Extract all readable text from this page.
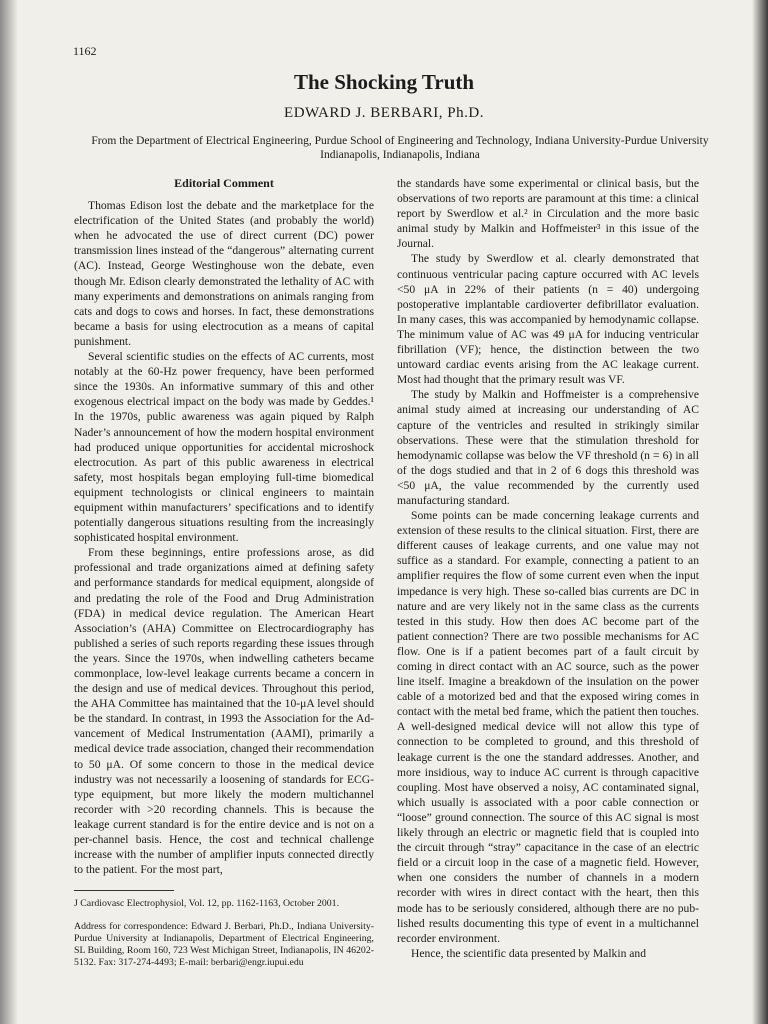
1162
The Shocking Truth
EDWARD J. BERBARI, Ph.D.
From the Department of Electrical Engineering, Purdue School of Engineering and Technology, Indiana University-Purdue University Indianapolis, Indianapolis, Indiana
Editorial Comment

Thomas Edison lost the debate and the marketplace for the electrification of the United States (and probably the world) when he advocated the use of direct current (DC) power transmission lines instead of the “dangerous” alternating current (AC). Instead, George Westinghouse won the debate, even though Mr. Edison clearly demonstrated the lethality of AC with many experiments and demonstrations on animals ranging from cats and dogs to cows and horses. In fact, these demonstrations became a basis for using electrocution as a means of capital punishment.

Several scientific studies on the effects of AC currents, most notably at the 60-Hz power frequency, have been performed since the 1930s. An informative summary of this and other exogenous electrical impact on the body was made by Geddes.¹ In the 1970s, public awareness was again piqued by Ralph Nader’s announcement of how the modern hospital environment had produced unique opportunities for accidental microshock electrocution. As part of this public awareness in electrical safety, most hospitals began employing full-time biomedical equipment technologists or clinical engineers to maintain equipment within manufacturers’ specifications and to identify potentially dangerous situations resulting from the increasingly sophisticated hospital environment.

From these beginnings, entire professions arose, as did professional and trade organizations aimed at defining safety and performance standards for medical equipment, alongside of and predating the role of the Food and Drug Administration (FDA) in medical device regulation. The American Heart Association’s (AHA) Committee on Electrocardiography has published a series of such reports regarding these issues through the years. Since the 1970s, when indwelling catheters became commonplace, low-level leakage currents became a concern in the design and use of medical devices. Throughout this period, the AHA Committee has maintained that the 10-μA level should be the standard. In contrast, in 1993 the Association for the Advancement of Medical Instrumentation (AAMI), primarily a medical device trade association, changed their recommendation to 50 μA. Of some concern to those in the medical device industry was not necessarily a loosening of standards for ECG-type equipment, but more likely the modern multichannel recorder with >20 recording channels. This is because the leakage current standard is for the entire device and is not on a per-channel basis. Hence, the cost and technical challenge increase with the number of amplifier inputs connected directly to the patient. For the most part,

the standards have some experimental or clinical basis, but the observations of two reports are paramount at this time: a clinical report by Swerdlow et al.² in Circulation and the more basic animal study by Malkin and Hoffmeister³ in this issue of the Journal.

The study by Swerdlow et al. clearly demonstrated that continuous ventricular pacing capture occurred with AC levels <50 μA in 22% of their patients (n = 40) undergoing postoperative implantable cardioverter defibrillator evaluation. In many cases, this was accompanied by hemodynamic collapse. The minimum value of AC was 49 μA for inducing ventricular fibrillation (VF); hence, the distinction between the two untoward cardiac events arising from the AC leakage current. Most had thought that the primary result was VF.

The study by Malkin and Hoffmeister is a comprehensive animal study aimed at increasing our understanding of AC capture of the ventricles and resulted in strikingly similar observations. These were that the stimulation threshold for hemodynamic collapse was below the VF threshold (n = 6) in all of the dogs studied and that in 2 of 6 dogs this threshold was <50 μA, the value recommended by the currently used manufacturing standard.

Some points can be made concerning leakage currents and extension of these results to the clinical situation. First, there are different causes of leakage currents, and one value may not suffice as a standard. For example, connecting a patient to an amplifier requires the flow of some current even when the input impedance is very high. These so-called bias currents are DC in nature and are very likely not in the same class as the currents tested in this study. How then does AC become part of the patient connection? There are two possible mechanisms for AC flow. One is if a patient becomes part of a fault circuit by coming in direct contact with an AC source, such as the power line itself. Imagine a breakdown of the insulation on the power cable of a motorized bed and that the exposed wiring comes in contact with the metal bed frame, which the patient then touches. A well-designed medical device will not allow this type of connection to be completed to ground, and this threshold of leakage current is the one the standard addresses. Another, and more insidious, way to induce AC current is through capacitive coupling. Most have observed a noisy, AC contaminated signal, which usually is associated with a poor cable connection or “loose” ground connection. The source of this AC signal is most likely through an electric or magnetic field that is coupled into the circuit through “stray” capacitance in the case of an electric field or a circuit loop in the case of a magnetic field. However, when one considers the number of channels in a modern recorder with wires in direct contact with the heart, then this mode has to be seriously considered, although there are no published results documenting this type of event in a multichannel recorder environment.

Hence, the scientific data presented by Malkin and

J Cardiovasc Electrophysiol, Vol. 12, pp. 1162-1163, October 2001.
Address for correspondence: Edward J. Berbari, Ph.D., Indiana University-Purdue University at Indianapolis, Department of Electrical Engineering, SL Building, Room 160, 723 West Michigan Street, Indianapolis, IN 46202-5132. Fax: 317-274-4493; E-mail: berbari@engr.iupui.edu
